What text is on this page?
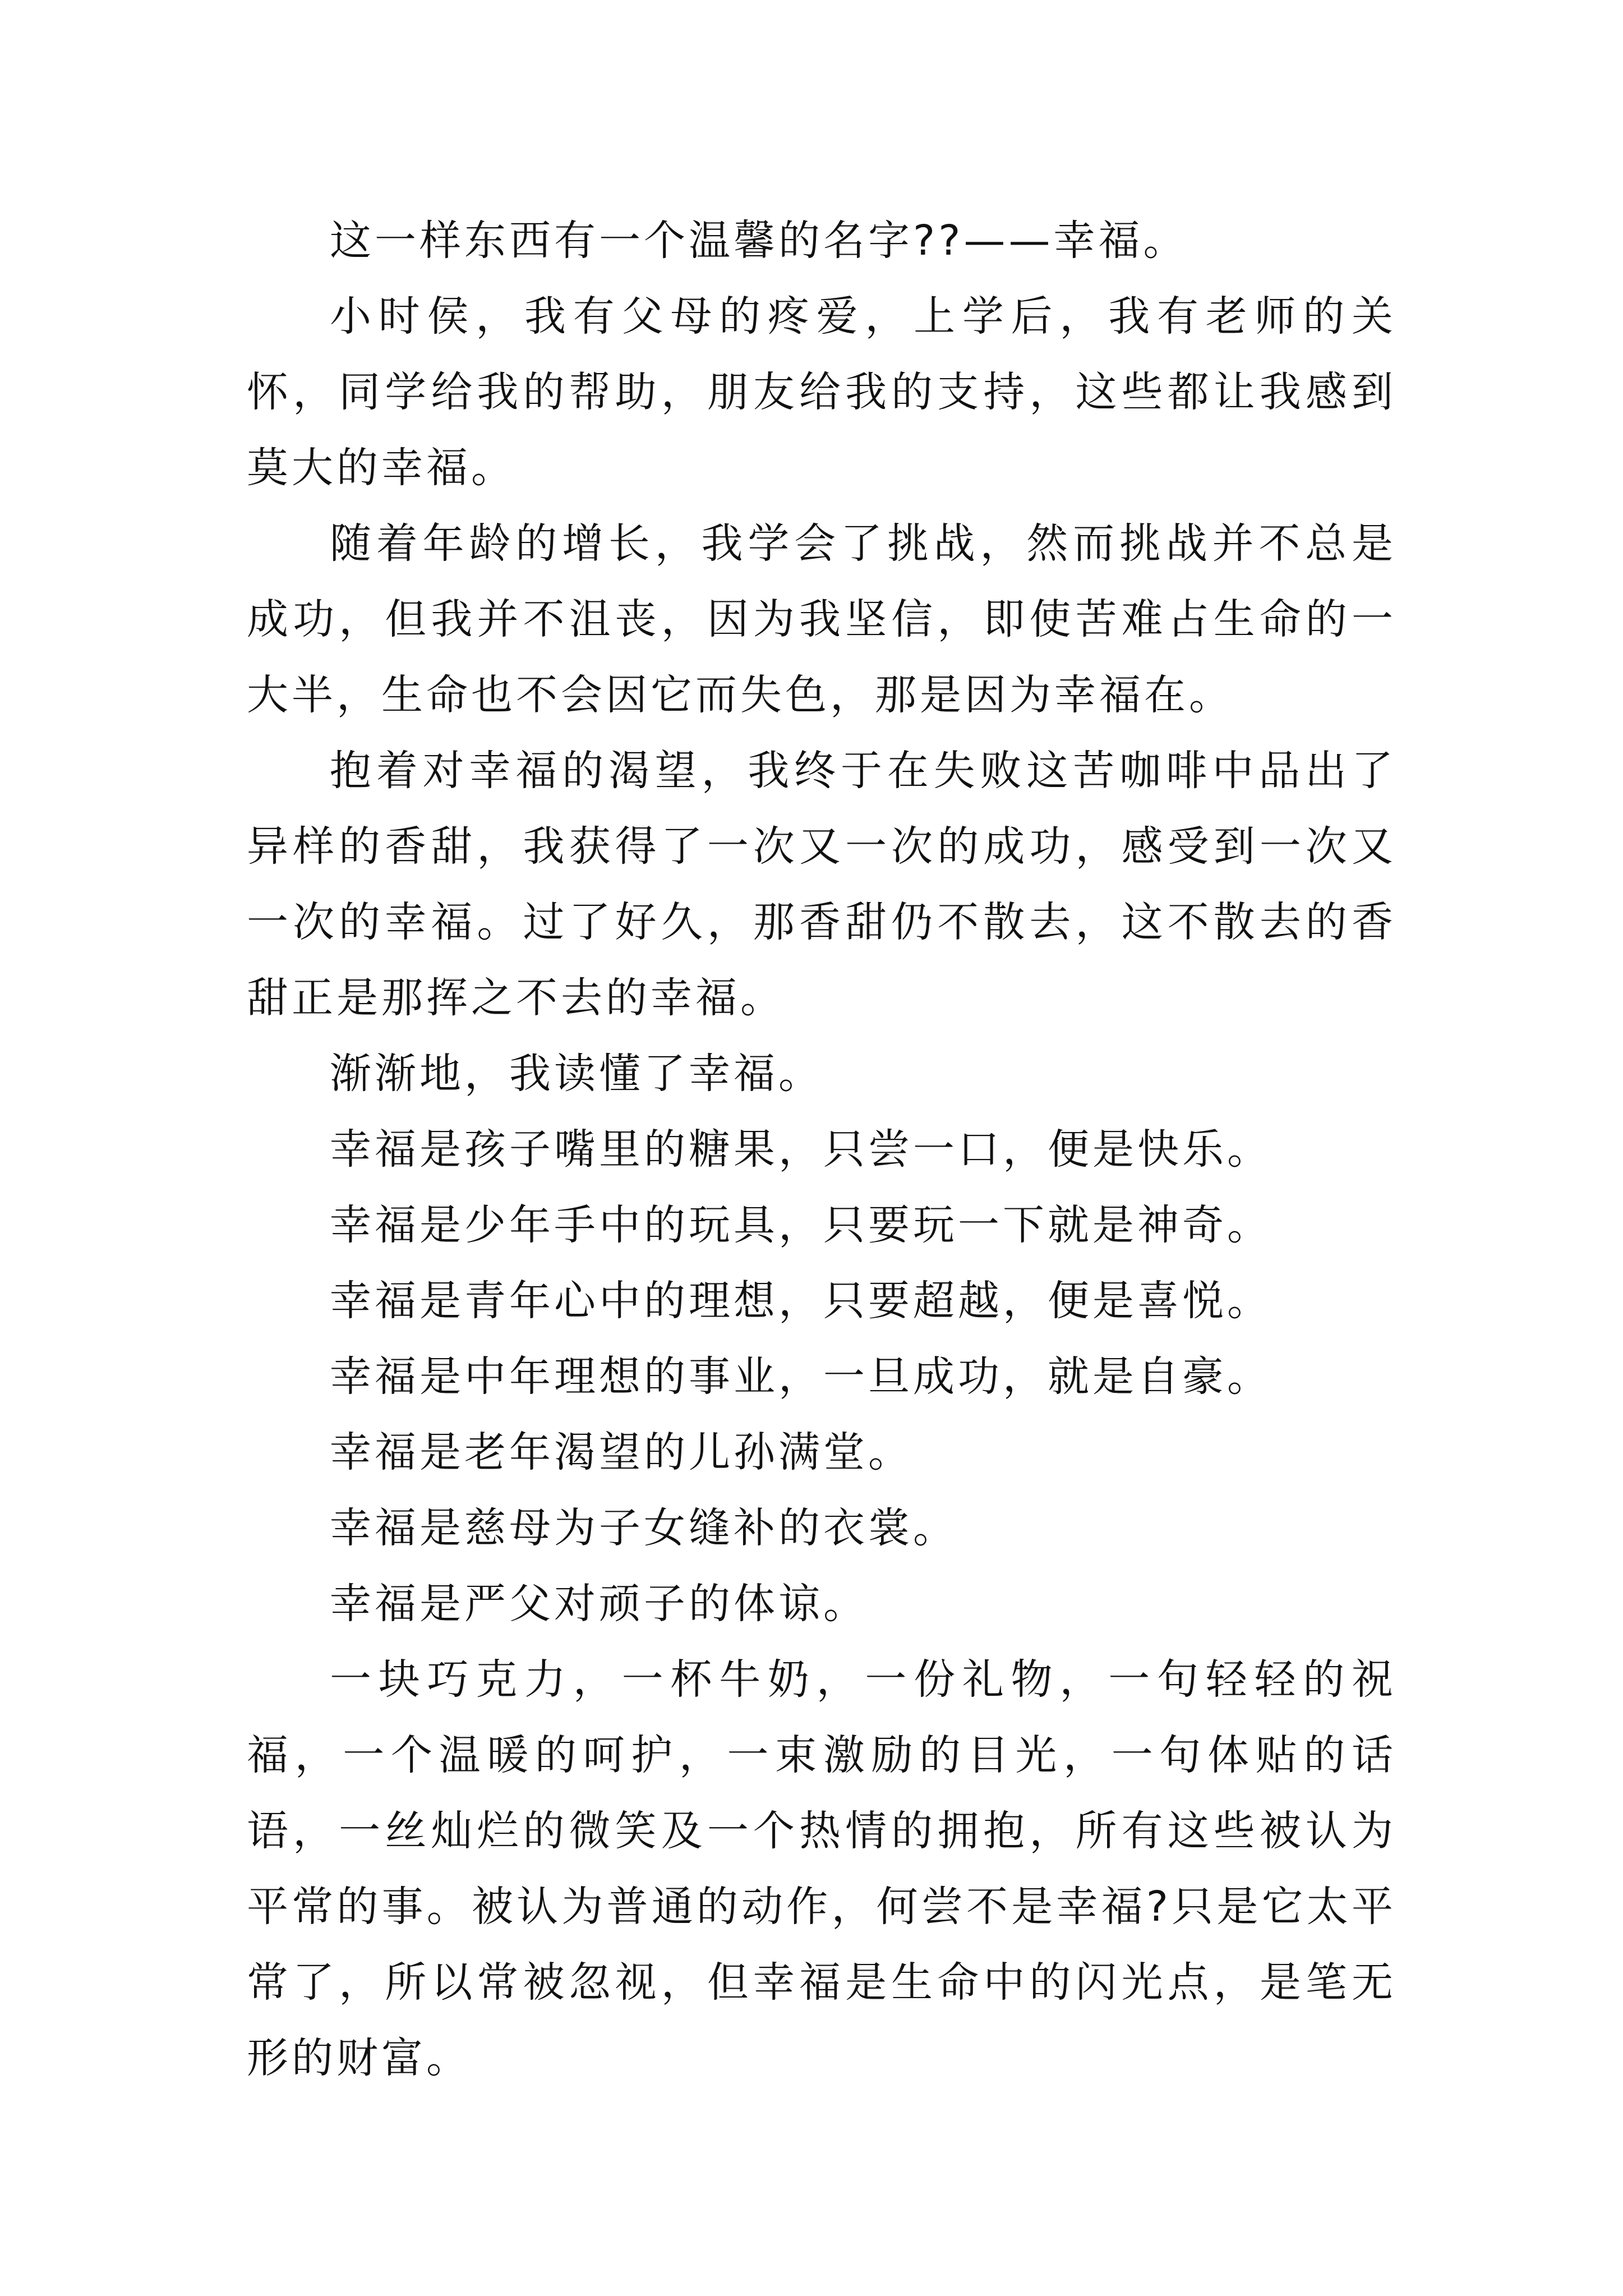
这一样东西有一个温馨的名字??——幸福。

小时侯，我有父母的疼爱，上学后，我有老师的关怀，同学给我的帮助，朋友给我的支持，这些都让我感到莫大的幸福。

随着年龄的增长，我学会了挑战，然而挑战并不总是成功，但我并不沮丧，因为我坚信，即使苦难占生命的一大半，生命也不会因它而失色，那是因为幸福在。

抱着对幸福的渴望，我终于在失败这苦咖啡中品出了异样的香甜，我获得了一次又一次的成功，感受到一次又一次的幸福。过了好久，那香甜仍不散去，这不散去的香甜正是那挥之不去的幸福。

渐渐地，我读懂了幸福。

幸福是孩子嘴里的糖果，只尝一口，便是快乐。

幸福是少年手中的玩具，只要玩一下就是神奇。

幸福是青年心中的理想，只要超越，便是喜悦。

幸福是中年理想的事业，一旦成功，就是自豪。

幸福是老年渴望的儿孙满堂。

幸福是慈母为子女缝补的衣裳。

幸福是严父对顽子的体谅。

一块巧克力，一杯牛奶，一份礼物，一句轻轻的祝福，一个温暖的呵护，一束激励的目光，一句体贴的话语，一丝灿烂的微笑及一个热情的拥抱，所有这些被认为平常的事。被认为普通的动作，何尝不是幸福?只是它太平常了，所以常被忽视，但幸福是生命中的闪光点，是笔无形的财富。
